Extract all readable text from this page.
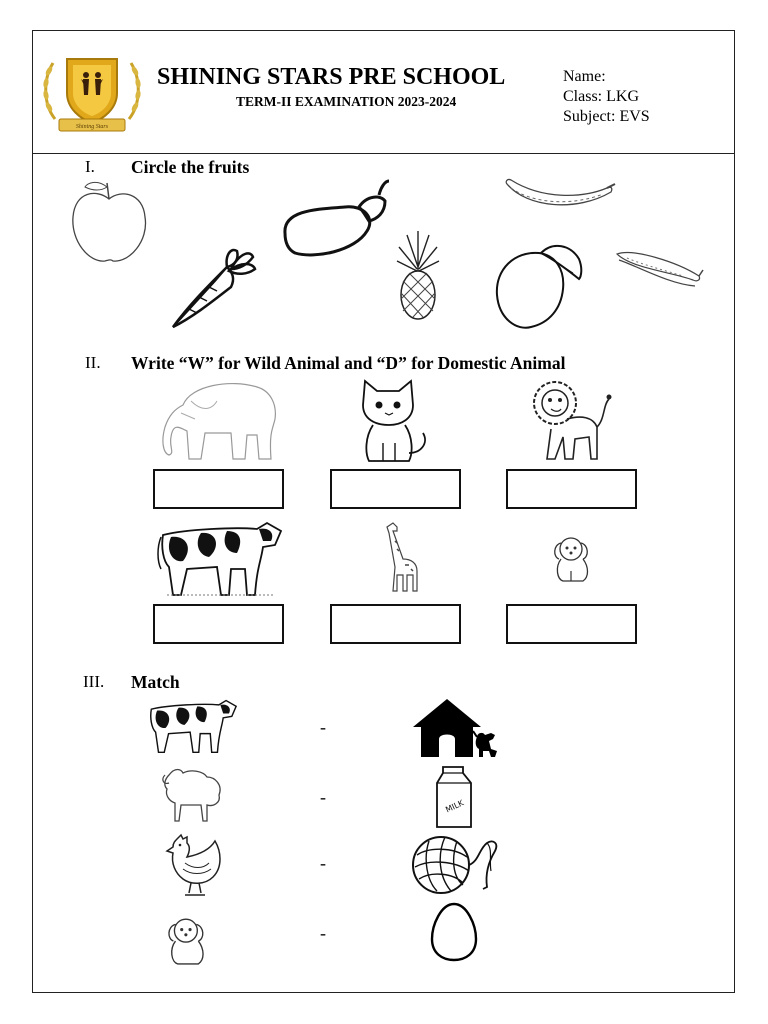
Shining Stars
SHINING STARS PRE SCHOOL
TERM-II EXAMINATION 2023-2024
Name:
Class: LKG
Subject: EVS
I. Circle the fruits
II. Write “W” for Wild Animal and “D” for Domestic Animal
III. Match
-
-
-
-
MILK
